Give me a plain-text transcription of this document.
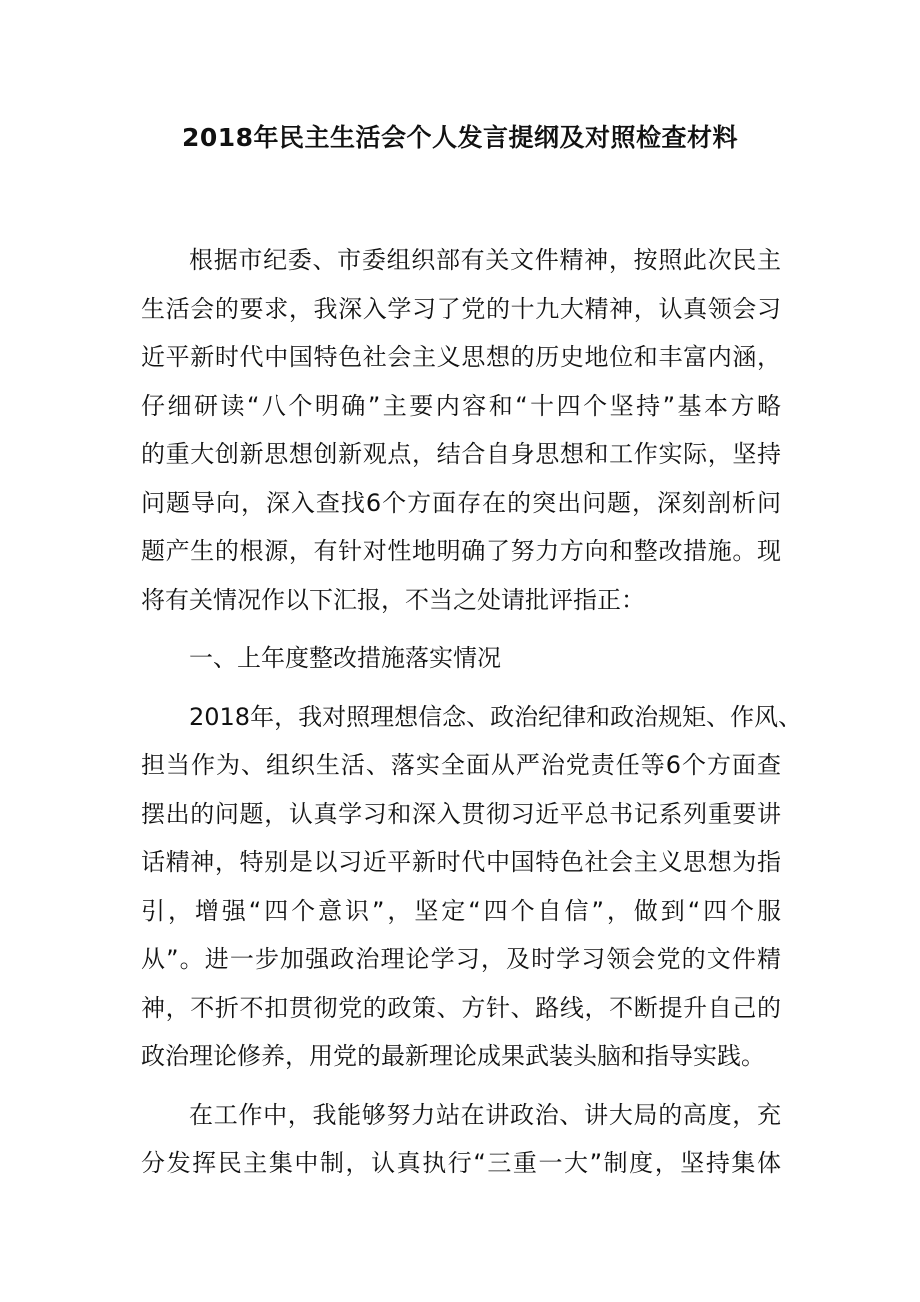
2018年民主生活会个人发言提纲及对照检查材料
根据市纪委、市委组织部有关文件精神，按照此次民主
生活会的要求，我深入学习了党的十九大精神，认真领会习
近平新时代中国特色社会主义思想的历史地位和丰富内涵，
仔细研读“八个明确”主要内容和“十四个坚持”基本方略
的重大创新思想创新观点，结合自身思想和工作实际，坚持
问题导向，深入查找6个方面存在的突出问题，深刻剖析问
题产生的根源，有针对性地明确了努力方向和整改措施。现
将有关情况作以下汇报，不当之处请批评指正：
一、上年度整改措施落实情况
2018年，我对照理想信念、政治纪律和政治规矩、作风、
担当作为、组织生活、落实全面从严治党责任等6个方面查
摆出的问题，认真学习和深入贯彻习近平总书记系列重要讲
话精神，特别是以习近平新时代中国特色社会主义思想为指
引，增强“四个意识”，坚定“四个自信”，做到“四个服
从”。进一步加强政治理论学习，及时学习领会党的文件精
神，不折不扣贯彻党的政策、方针、路线，不断提升自己的
政治理论修养，用党的最新理论成果武装头脑和指导实践。
在工作中，我能够努力站在讲政治、讲大局的高度，充
分发挥民主集中制，认真执行“三重一大”制度，坚持集体
